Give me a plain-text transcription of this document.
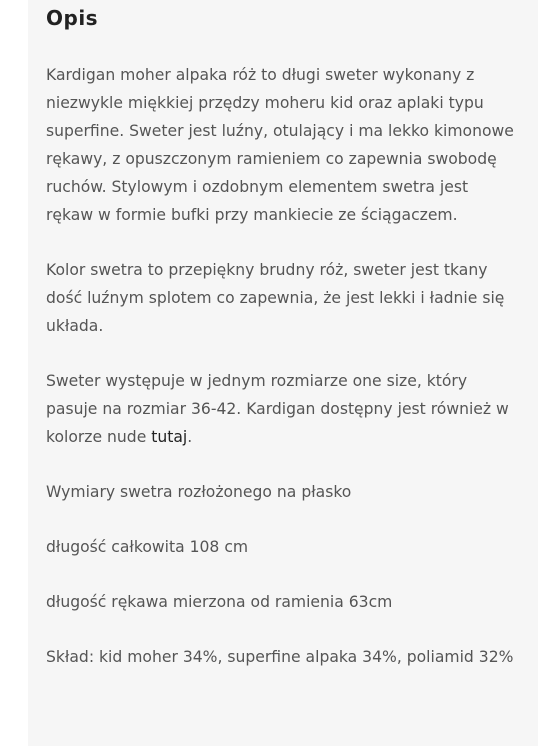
Opis

Kardigan moher alpaka róż to długi sweter wykonany z niezwykle miękkiej przędzy moheru kid oraz aplaki typu superfine. Sweter jest luźny, otulający i ma lekko kimonowe rękawy, z opuszczonym ramieniem co zapewnia swobodę ruchów. Stylowym i ozdobnym elementem swetra jest rękaw w formie bufki przy mankiecie ze ściągaczem.

Kolor swetra to przepiękny brudny róż, sweter jest tkany dość luźnym splotem co zapewnia, że jest lekki i ładnie się układa.

Sweter występuje w jednym rozmiarze one size, który pasuje na rozmiar 36-42. Kardigan dostępny jest również w kolorze nude tutaj.

Wymiary swetra rozłożonego na płasko

długość całkowita 108 cm

długość rękawa mierzona od ramienia 63cm

Skład: kid moher 34%, superfine alpaka 34%, poliamid 32%
